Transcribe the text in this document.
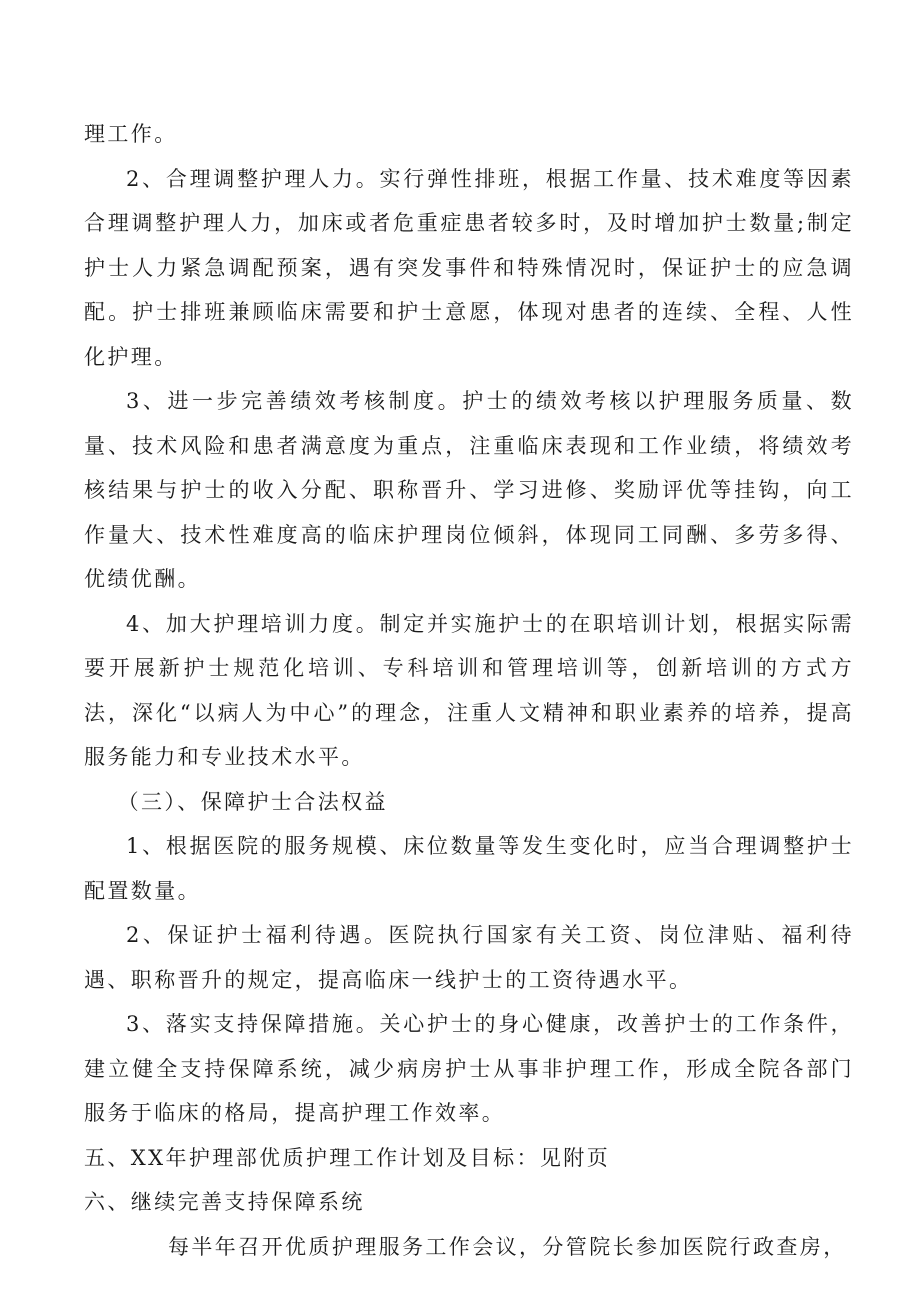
理工作。

2、合理调整护理人力。实行弹性排班，根据工作量、技术难度等因素合理调整护理人力，加床或者危重症患者较多时，及时增加护士数量;制定护士人力紧急调配预案，遇有突发事件和特殊情况时，保证护士的应急调配。护士排班兼顾临床需要和护士意愿，体现对患者的连续、全程、人性化护理。

3、进一步完善绩效考核制度。护士的绩效考核以护理服务质量、数量、技术风险和患者满意度为重点，注重临床表现和工作业绩，将绩效考核结果与护士的收入分配、职称晋升、学习进修、奖励评优等挂钩，向工作量大、技术性难度高的临床护理岗位倾斜，体现同工同酬、多劳多得、优绩优酬。

4、加大护理培训力度。制定并实施护士的在职培训计划，根据实际需要开展新护士规范化培训、专科培训和管理培训等，创新培训的方式方法，深化“以病人为中心”的理念，注重人文精神和职业素养的培养，提高服务能力和专业技术水平。

（三）、保障护士合法权益

1、根据医院的服务规模、床位数量等发生变化时，应当合理调整护士配置数量。

2、保证护士福利待遇。医院执行国家有关工资、岗位津贴、福利待遇、职称晋升的规定，提高临床一线护士的工资待遇水平。

3、落实支持保障措施。关心护士的身心健康，改善护士的工作条件，建立健全支持保障系统，减少病房护士从事非护理工作，形成全院各部门服务于临床的格局，提高护理工作效率。

五、XX年护理部优质护理工作计划及目标：见附页

六、继续完善支持保障系统

每半年召开优质护理服务工作会议，分管院长参加医院行政查房，
